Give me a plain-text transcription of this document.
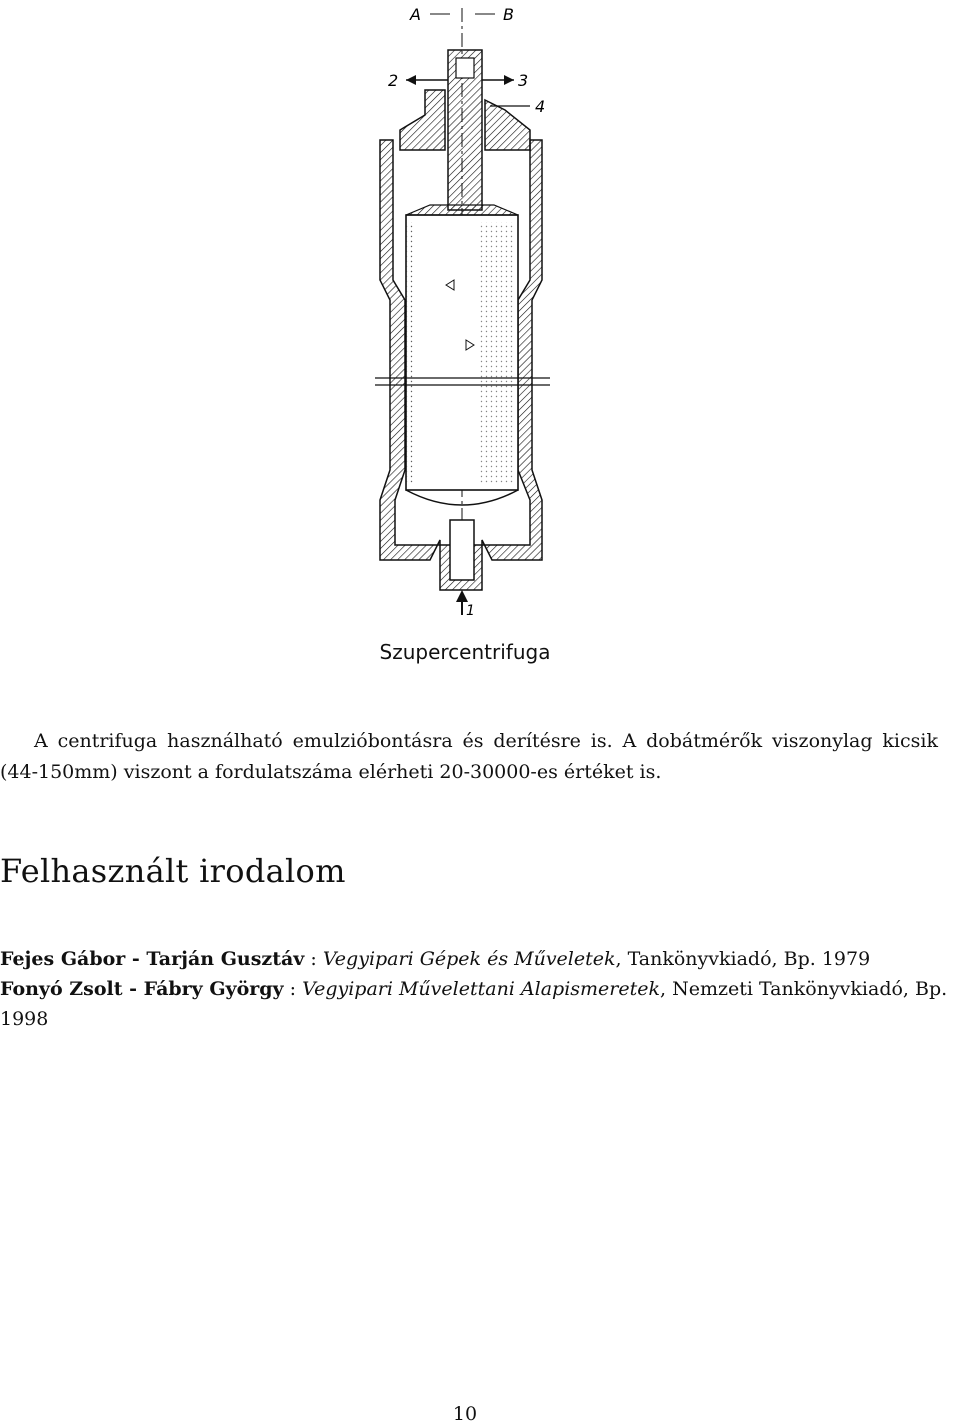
A	B
2	3
4
1
Szupercentrifuga

A centrifuga használható emulzióbontásra és derítésre is. A dobátmérők viszonylag kicsik (44-150mm) viszont a fordulatszáma elérheti 20-30000-es értéket is.

Felhasznált irodalom

Fejes Gábor - Tarján Gusztáv : Vegyipari Gépek és Műveletek, Tankönyvkiadó, Bp. 1979

Fonyó Zsolt - Fábry György : Vegyipari Művelettani Alapismeretek, Nemzeti Tankönyvkiadó, Bp. 1998

10
